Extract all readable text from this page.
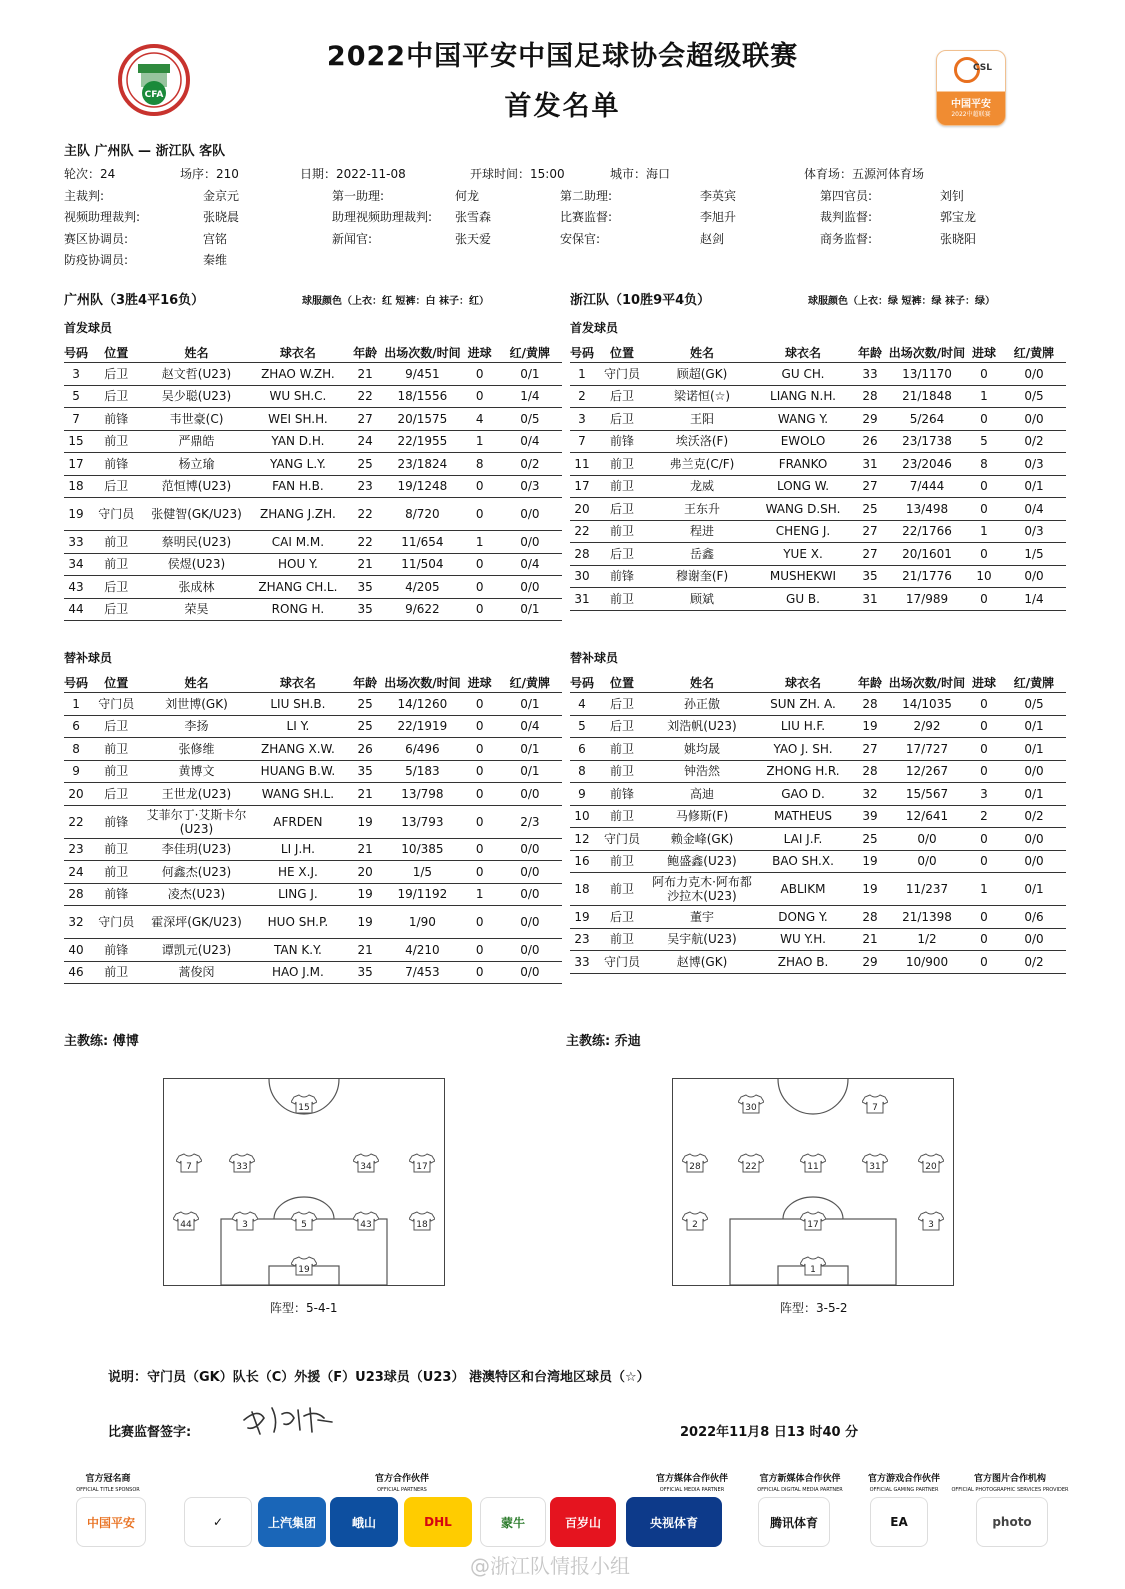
2022中国平安中国足球协会超级联赛
首发名单
CFA
CSL
中国平安
2022中超联赛
主队 广州队 — 浙江队 客队
轮次：24	场序：210	日期：2022-11-08	开球时间：15:00	城市：海口	体育场：五源河体育场
主裁判:	金京元	第一助理:	何龙	第二助理:	李英宾	第四官员:	刘钊
视频助理裁判:	张晓晨	助理视频助理裁判: 张雪森	比赛监督:	李旭升	裁判监督:	郭宝龙
赛区协调员:	宫铭	新闻官:	张天爱	安保官:	赵剑	商务监督:	张晓阳
防疫协调员:	秦维
广州队（3胜4平16负）	球服颜色（上衣：红 短裤：白 袜子：红）	浙江队（10胜9平4负）	球服颜色（上衣：绿 短裤：绿 袜子：绿）
首发球员	首发球员
替补球员	替补球员
号码	位置	姓名	球衣名	年龄	出场次数/时间	进球	红/黄牌
3	后卫	赵文哲(U23)	ZHAO W.ZH.	21	9/451	0	0/1
5	后卫	吴少聪(U23)	WU SH.C.	22	18/1556	0	1/4
7	前锋	韦世豪(C)	WEI SH.H.	27	20/1575	4	0/5
15	前卫	严鼎皓	YAN D.H.	24	22/1955	1	0/4
17	前锋	杨立瑜	YANG L.Y.	25	23/1824	8	0/2
18	后卫	范恒博(U23)	FAN H.B.	23	19/1248	0	0/3
19	守门员	张健智(GK/U23)	ZHANG J.ZH.	22	8/720	0	0/0
33	前卫	蔡明民(U23)	CAI M.M.	22	11/654	1	0/0
34	前卫	侯煜(U23)	HOU Y.	21	11/504	0	0/4
43	后卫	张成林	ZHANG CH.L.	35	4/205	0	0/0
44	后卫	荣昊	RONG H.	35	9/622	0	0/1
号码	位置	姓名	球衣名	年龄	出场次数/时间	进球	红/黄牌
1	守门员	顾超(GK)	GU CH.	33	13/1170	0	0/0
2	后卫	梁诺恒(☆)	LIANG N.H.	28	21/1848	1	0/5
3	后卫	王阳	WANG Y.	29	5/264	0	0/0
7	前锋	埃沃洛(F)	EWOLO	26	23/1738	5	0/2
11	前卫	弗兰克(C/F)	FRANKO	31	23/2046	8	0/3
17	前卫	龙威	LONG W.	27	7/444	0	0/1
20	后卫	王东升	WANG D.SH.	25	13/498	0	0/4
22	前卫	程进	CHENG J.	27	22/1766	1	0/3
28	后卫	岳鑫	YUE X.	27	20/1601	0	1/5
30	前锋	穆谢奎(F)	MUSHEKWI	35	21/1776	10	0/0
31	前卫	顾斌	GU B.	31	17/989	0	1/4
号码	位置	姓名	球衣名	年龄	出场次数/时间	进球	红/黄牌
1	守门员	刘世博(GK)	LIU SH.B.	25	14/1260	0	0/1
6	后卫	李扬	LI Y.	25	22/1919	0	0/4
8	前卫	张修维	ZHANG X.W.	26	6/496	0	0/1
9	前卫	黄博文	HUANG B.W.	35	5/183	0	0/1
20	后卫	王世龙(U23)	WANG SH.L.	21	13/798	0	0/0
22	前锋	艾菲尔丁·艾斯卡尔(U23)	AFRDEN	19	13/793	0	2/3
23	前卫	李佳玥(U23)	LI J.H.	21	10/385	0	0/0
24	前卫	何鑫杰(U23)	HE X.J.	20	1/5	0	0/0
28	前锋	凌杰(U23)	LING J.	19	19/1192	1	0/0
32	守门员	霍深坪(GK/U23)	HUO SH.P.	19	1/90	0	0/0
40	前锋	谭凯元(U23)	TAN K.Y.	21	4/210	0	0/0
46	前卫	蒿俊闵	HAO J.M.	35	7/453	0	0/0
号码	位置	姓名	球衣名	年龄	出场次数/时间	进球	红/黄牌
4	后卫	孙正傲	SUN ZH. A.	28	14/1035	0	0/5
5	后卫	刘浩帆(U23)	LIU H.F.	19	2/92	0	0/1
6	前卫	姚均晟	YAO J. SH.	27	17/727	0	0/1
8	前卫	钟浩然	ZHONG H.R.	28	12/267	0	0/0
9	前锋	高迪	GAO D.	32	15/567	3	0/1
10	前卫	马修斯(F)	MATHEUS	39	12/641	2	0/2
12	守门员	赖金峰(GK)	LAI J.F.	25	0/0	0	0/0
16	前卫	鲍盛鑫(U23)	BAO SH.X.	19	0/0	0	0/0
18	前卫	阿布力克木·阿布都沙拉木(U23)	ABLIKM	19	11/237	1	0/1
19	后卫	董宇	DONG Y.	28	21/1398	0	0/6
23	前卫	吴宇航(U23)	WU Y.H.	21	1/2	0	0/0
33	守门员	赵博(GK)	ZHAO B.	29	10/900	0	0/2
主教练: 傅博	主教练: 乔迪
15
7	33	34	17
44	3	5	43	18
19
30	7
28	22	11	31	20
2	17	3
1
阵型：5-4-1	阵型：3-5-2
说明：守门员（GK）队长（C）外援（F）U23球员（U23） 港澳特区和台湾地区球员（☆）
比赛监督签字:	2022年11月8 日13 时40 分
官方冠名商
OFFICIAL TITLE SPONSOR
官方合作伙伴
OFFICIAL PARTNERS
官方媒体合作伙伴
OFFICIAL MEDIA PARTNER
官方新媒体合作伙伴
OFFICIAL DIGITAL MEDIA PARTNER
官方游戏合作伙伴
OFFICIAL GAMING PARTNER
官方图片合作机构
OFFICIAL PHOTOGRAPHIC SERVICES PROVIDER
中国平安	✓	上汽集团	峨山	DHL	蒙牛	百岁山	央视体育	腾讯体育	EA	photo
@浙江队情报小组
